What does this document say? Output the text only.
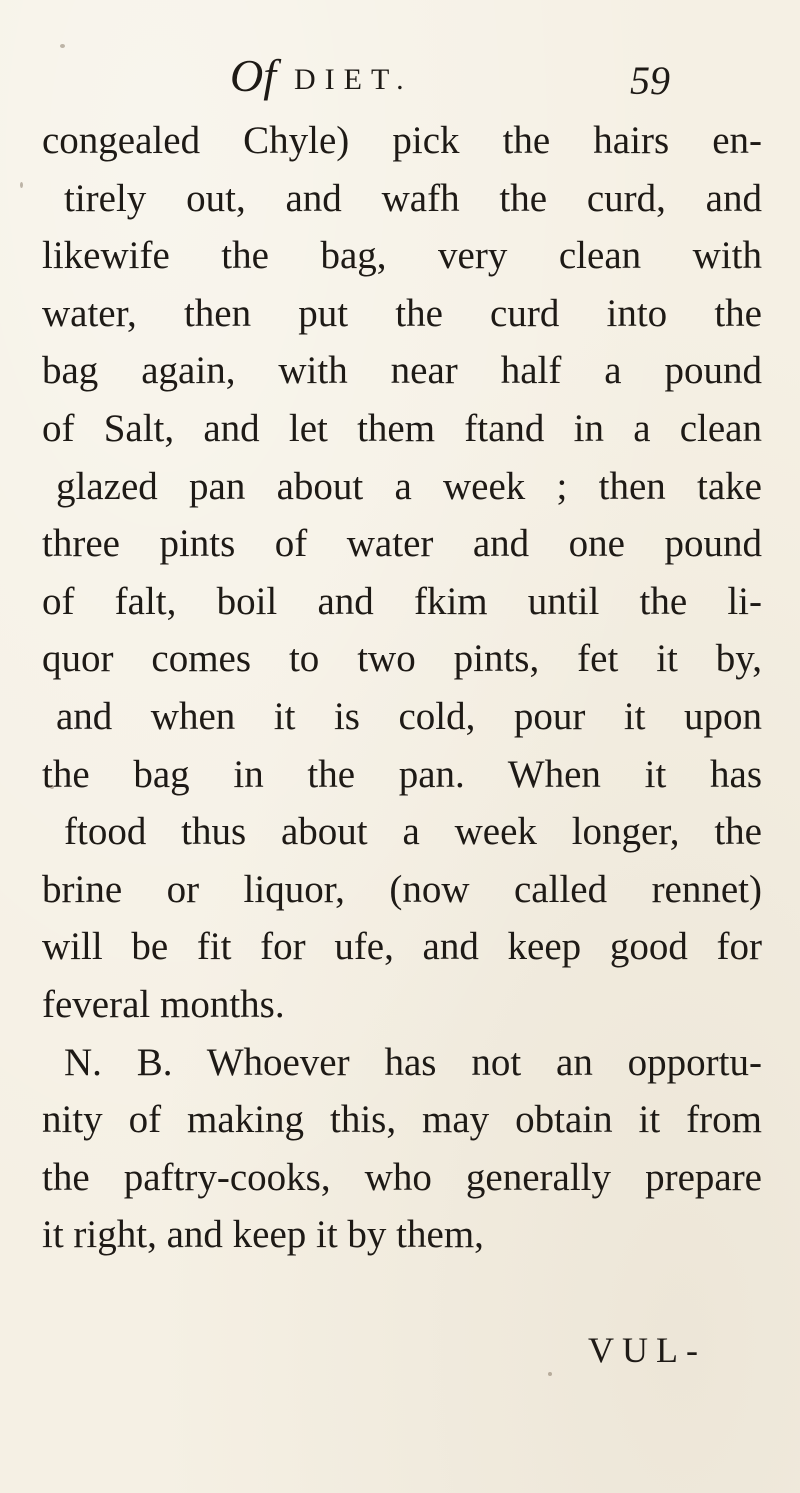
Of DIET.	59
congealed Chyle) pick the hairs en-
tirely out, and wafh the curd, and
likewife the bag, very clean with
water, then put the curd into the
bag again, with near half a pound
of Salt, and let them ftand in a clean
glazed pan about a week ; then take
three pints of water and one pound
of falt, boil and fkim until the li-
quor comes to two pints, fet it by,
and when it is cold, pour it upon
the bag in the pan. When it has
ftood thus about a week longer, the
brine or liquor, (now called rennet)
will be fit for ufe, and keep good for
feveral months.
N. B. Whoever has not an opportu-
nity of making this, may obtain it from
the paftry-cooks, who generally prepare
it right, and keep it by them,
VUL-
